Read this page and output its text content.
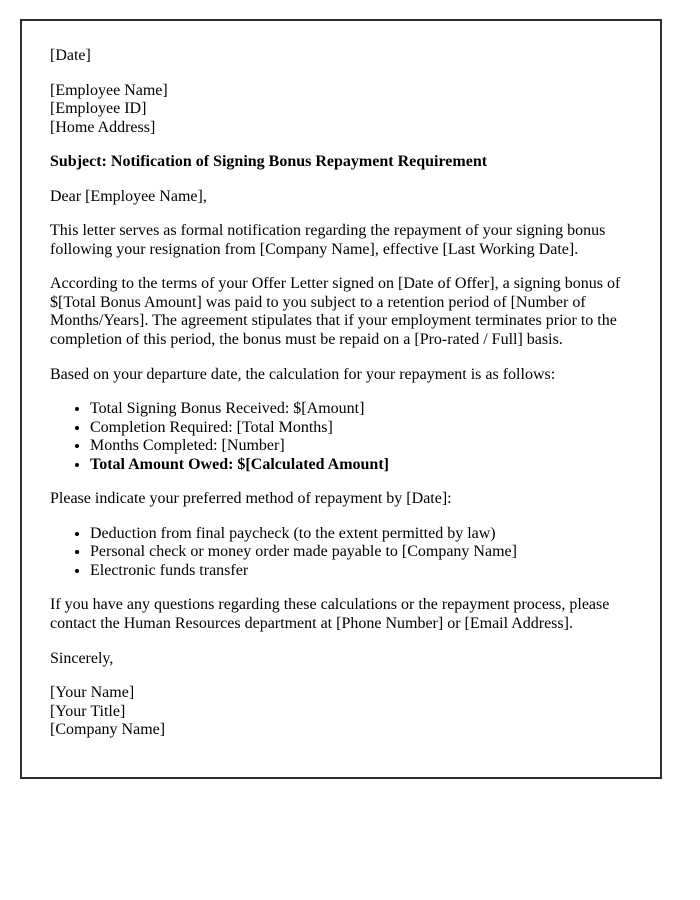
[Date]

[Employee Name]
[Employee ID]
[Home Address]

Subject: Notification of Signing Bonus Repayment Requirement

Dear [Employee Name],

This letter serves as formal notification regarding the repayment of your signing bonus following your resignation from [Company Name], effective [Last Working Date].

According to the terms of your Offer Letter signed on [Date of Offer], a signing bonus of $[Total Bonus Amount] was paid to you subject to a retention period of [Number of Months/Years]. The agreement stipulates that if your employment terminates prior to the completion of this period, the bonus must be repaid on a [Pro-rated / Full] basis.

Based on your departure date, the calculation for your repayment is as follows:

• Total Signing Bonus Received: $[Amount]
• Completion Required: [Total Months]
• Months Completed: [Number]
• Total Amount Owed: $[Calculated Amount]

Please indicate your preferred method of repayment by [Date]:

• Deduction from final paycheck (to the extent permitted by law)
• Personal check or money order made payable to [Company Name]
• Electronic funds transfer

If you have any questions regarding these calculations or the repayment process, please contact the Human Resources department at [Phone Number] or [Email Address].

Sincerely,

[Your Name]
[Your Title]
[Company Name]
